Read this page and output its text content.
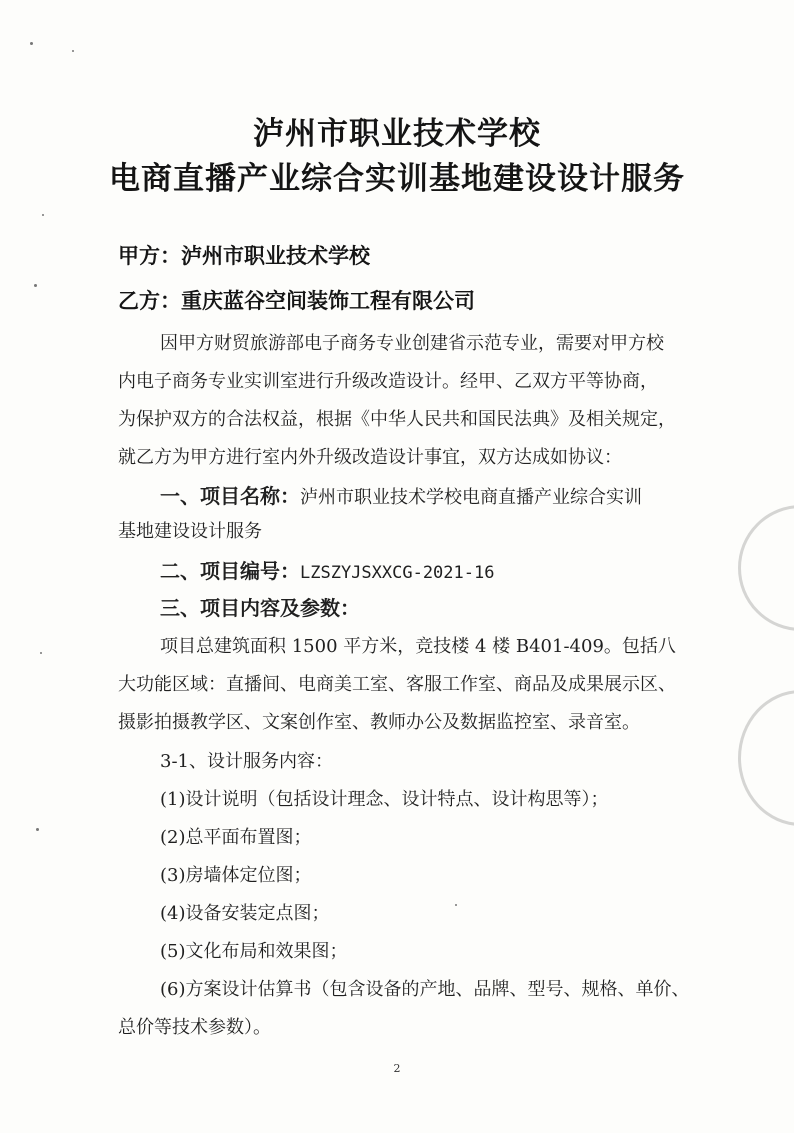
泸州市职业技术学校
电商直播产业综合实训基地建设设计服务
甲方：泸州市职业技术学校
乙方：重庆蓝谷空间装饰工程有限公司
因甲方财贸旅游部电子商务专业创建省示范专业，需要对甲方校
内电子商务专业实训室进行升级改造设计。经甲、乙双方平等协商，
为保护双方的合法权益，根据《中华人民共和国民法典》及相关规定，
就乙方为甲方进行室内外升级改造设计事宜，双方达成如协议：
一、项目名称：泸州市职业技术学校电商直播产业综合实训
基地建设设计服务
二、项目编号：LZSZYJSXXCG-2021-16
三、项目内容及参数：
项目总建筑面积 1500 平方米，竞技楼 4 楼 B401-409。包括八
大功能区域：直播间、电商美工室、客服工作室、商品及成果展示区、
摄影拍摄教学区、文案创作室、教师办公及数据监控室、录音室。
3-1、设计服务内容：
(1)设计说明（包括设计理念、设计特点、设计构思等）；
(2)总平面布置图；
(3)房墙体定位图；
(4)设备安装定点图；
(5)文化布局和效果图；
(6)方案设计估算书（包含设备的产地、品牌、型号、规格、单价、
总价等技术参数）。
2
